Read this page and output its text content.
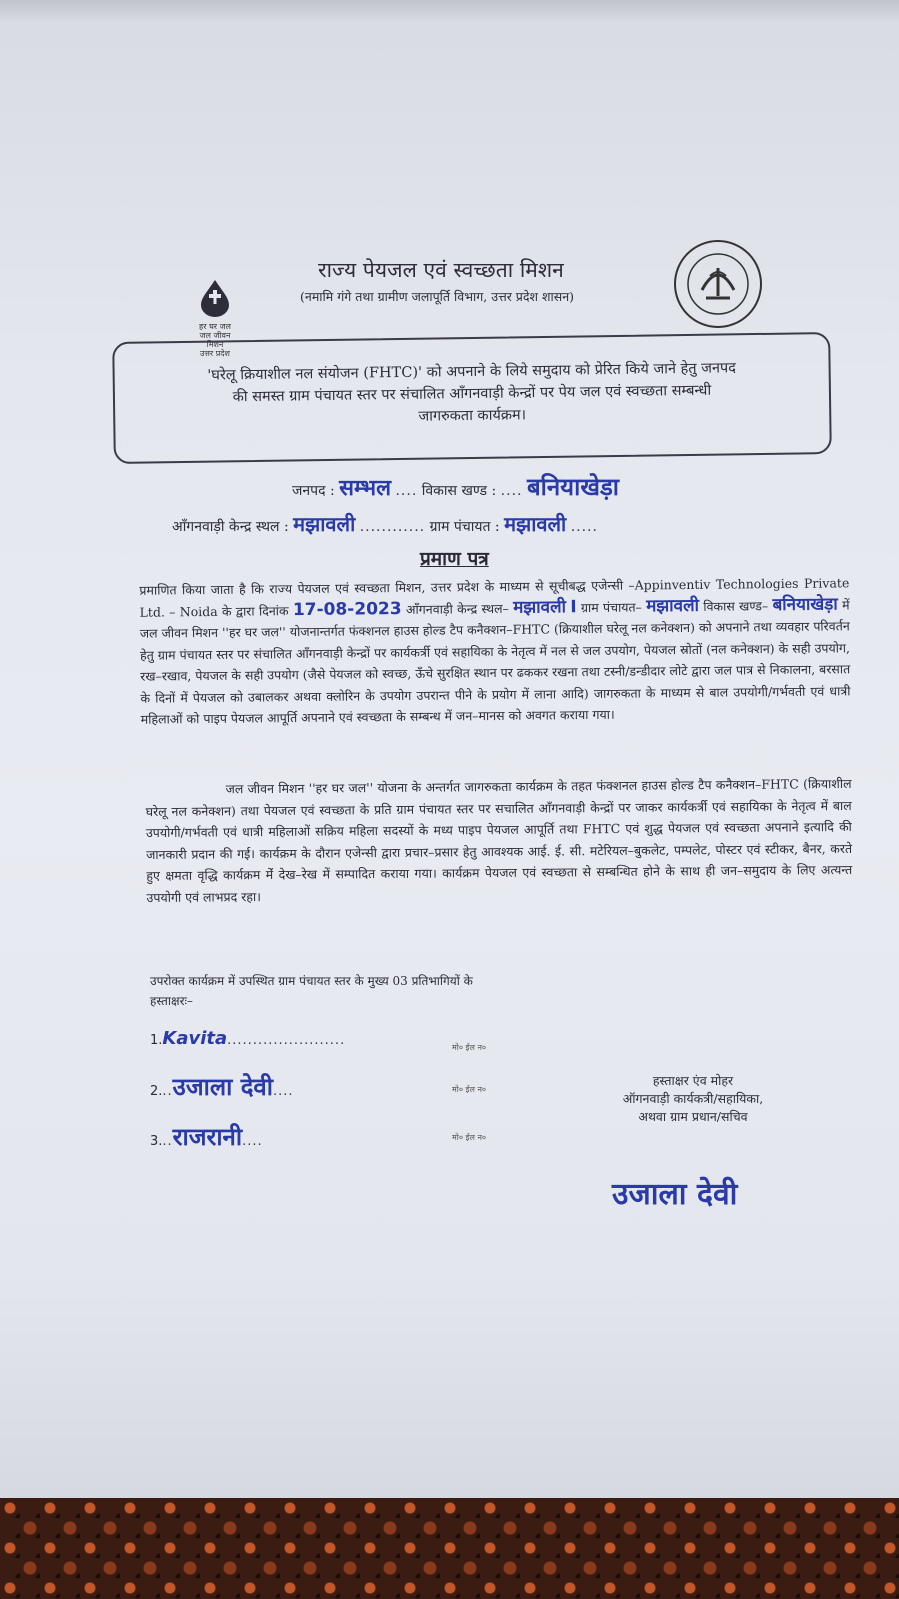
हर घर जल
जल जीवन मिशन
उत्तर प्रदेश
राज्य पेयजल एवं स्वच्छता मिशन
(नमामि गंगे तथा ग्रामीण जलापूर्ति विभाग, उत्तर प्रदेश शासन)
'घरेलू क्रियाशील नल संयोजन (FHTC)' को अपनाने के लिये समुदाय को प्रेरित किये जाने हेतु जनपद
की समस्त ग्राम पंचायत स्तर पर संचालित आँगनवाड़ी केन्द्रों पर पेय जल एवं स्वच्छता सम्बन्धी
जागरुकता कार्यक्रम।
जनपद : सम्भल .... विकास खण्ड : .... बनियाखेड़ा
आँगनवाड़ी केन्द्र स्थल : मझावली ............ ग्राम पंचायत : मझावली .....
प्रमाण पत्र
प्रमाणित किया जाता है कि राज्य पेयजल एवं स्वच्छता मिशन, उत्तर प्रदेश के माध्यम से सूचीबद्ध एजेन्सी –Appinventiv Technologies Private Ltd. – Noida के द्वारा दिनांक 17-08-2023 आँगनवाड़ी केन्द्र स्थल– मझावली I ग्राम पंचायत– मझावली विकास खण्ड– बनियाखेड़ा में जल जीवन मिशन ''हर घर जल'' योजनान्तर्गत फंक्शनल हाउस होल्ड टैप कनैक्शन–FHTC (क्रियाशील घरेलू नल कनेक्शन) को अपनाने तथा व्यवहार परिवर्तन हेतु ग्राम पंचायत स्तर पर संचालित आँगनवाड़ी केन्द्रों पर कार्यकर्त्री एवं सहायिका के नेतृत्व में नल से जल उपयोग, पेयजल स्रोतों (नल कनेक्शन) के सही उपयोग, रख–रखाव, पेयजल के सही उपयोग (जैसे पेयजल को स्वच्छ, ऊँचे सुरक्षित स्थान पर ढककर रखना तथा टस्नी/डन्डीदार लोटे द्वारा जल पात्र से निकालना, बरसात के दिनों में पेयजल को उबालकर अथवा क्लोरिन के उपयोग उपरान्त पीने के प्रयोग में लाना आदि) जागरुकता के माध्यम से बाल उपयोगी/गर्भवती एवं धात्री महिलाओं को पाइप पेयजल आपूर्ति अपनाने एवं स्वच्छता के सम्बन्ध में जन–मानस को अवगत कराया गया।
जल जीवन मिशन ''हर घर जल'' योजना के अन्तर्गत जागरुकता कार्यक्रम के तहत फंक्शनल हाउस होल्ड टैप कनैक्शन–FHTC (क्रियाशील घरेलू नल कनेक्शन) तथा पेयजल एवं स्वच्छता के प्रति ग्राम पंचायत स्तर पर सचालित आँगनवाड़ी केन्द्रों पर जाकर कार्यकर्त्री एवं सहायिका के नेतृत्व में बाल उपयोगी/गर्भवती एवं धात्री महिलाओं सक्रिय महिला सदस्यों के मध्य पाइप पेयजल आपूर्ति तथा FHTC एवं शुद्ध पेयजल एवं स्वच्छता अपनाने इत्यादि की जानकारी प्रदान की गई। कार्यक्रम के दौरान एजेन्सी द्वारा प्रचार–प्रसार हेतु आवश्यक आई. ई. सी. मटेरियल–बुकलेट, पम्पलेट, पोस्टर एवं स्टीकर, बैनर, करते हुए क्षमता वृद्धि कार्यक्रम मेंं देख–रेख में सम्पादित कराया गया। कार्यक्रम पेयजल एवं स्वच्छता से सम्बन्धित होने के साथ ही जन–समुदाय के लिए अत्यन्त उपयोगी एवं लाभप्रद रहा।
उपरोक्त कार्यक्रम में उपस्थित ग्राम पंचायत स्तर के मुख्य 03 प्रतिभागियों के
हस्ताक्षरः–
1.Kavita.......................	मो० ईल न०
2...उजाला देवी....	मो० ईल न०
3...राजरानी....	मो० ईल न०
हस्ताक्षर एंव मोहर
ऑगनवाड़ी कार्यकत्री/सहायिका,
अथवा ग्राम प्रधान/सचिव
उजाला देवी
